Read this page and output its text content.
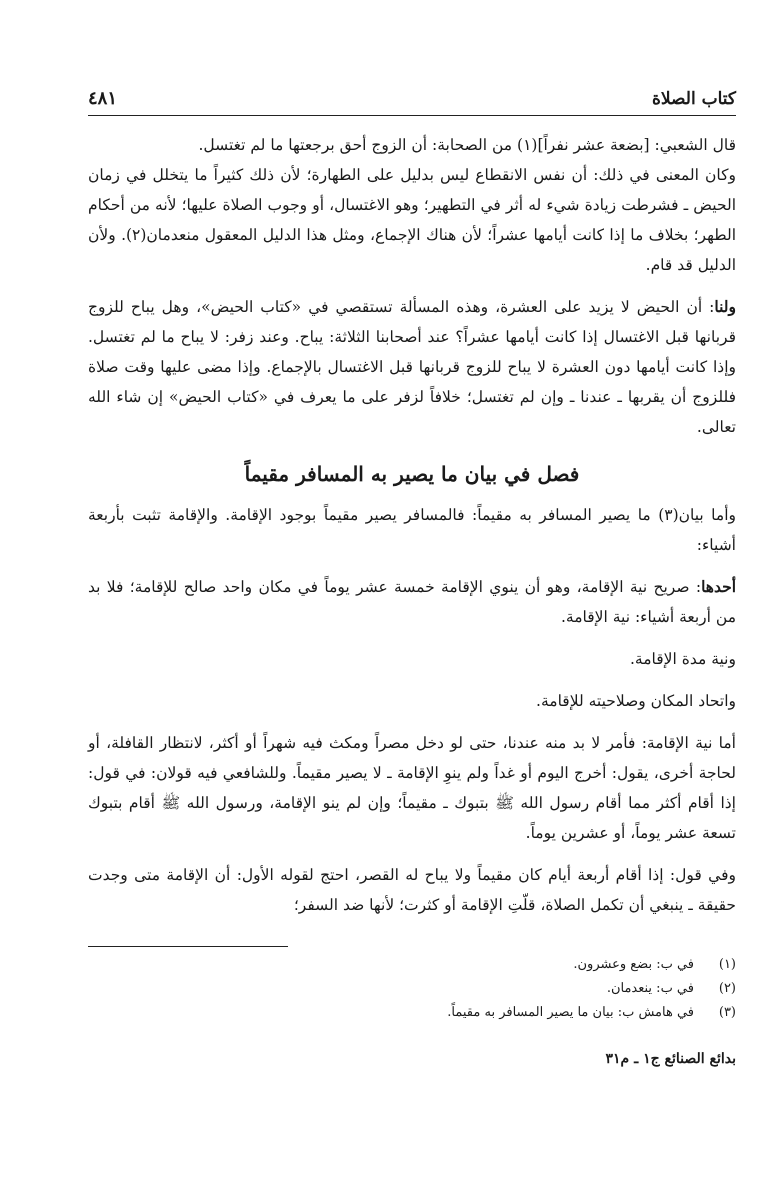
كتاب الصلاة
٤٨١

قال الشعبي: [بضعة عشر نفراً](١) من الصحابة: أن الزوج أحق برجعتها ما لم تغتسل.

وكان المعنى في ذلك: أن نفس الانقطاع ليس بدليل على الطهارة؛ لأن ذلك كثيراً ما يتخلل في زمان الحيض ـ فشرطت زيادة شيء له أثر في التطهير؛ وهو الاغتسال، أو وجوب الصلاة عليها؛ لأنه من أحكام الطهر؛ بخلاف ما إذا كانت أيامها عشراً؛ لأن هناك الإجماع، ومثل هذا الدليل المعقول منعدمان(٢). ولأن الدليل قد قام.

ولنا: أن الحيض لا يزيد على العشرة، وهذه المسألة تستقصي في «كتاب الحيض»، وهل يباح للزوج قربانها قبل الاغتسال إذا كانت أيامها عشراً؟ عند أصحابنا الثلاثة: يباح. وعند زفر: لا يباح ما لم تغتسل. وإذا كانت أيامها دون العشرة لا يباح للزوج قربانها قبل الاغتسال بالإجماع. وإذا مضى عليها وقت صلاة فللزوج أن يقربها ـ عندنا ـ وإن لم تغتسل؛ خلافاً لزفر على ما يعرف في «كتاب الحيض» إن شاء الله تعالى.

فصل في بيان ما يصير به المسافر مقيماً

وأما بيان(٣) ما يصير المسافر به مقيماً: فالمسافر يصير مقيماً بوجود الإقامة. والإقامة تثبت بأربعة أشياء:

أحدها: صريح نية الإقامة، وهو أن ينوي الإقامة خمسة عشر يوماً في مكان واحد صالح للإقامة؛ فلا بد من أربعة أشياء: نية الإقامة.

ونية مدة الإقامة.

واتحاد المكان وصلاحيته للإقامة.

أما نية الإقامة: فأمر لا بد منه عندنا، حتى لو دخل مصراً ومكث فيه شهراً أو أكثر، لانتظار القافلة، أو لحاجة أخرى، يقول: أخرج اليوم أو غداً ولم ينوِ الإقامة ـ لا يصير مقيماً. وللشافعي فيه قولان: في قول: إذا أقام أكثر مما أقام رسول الله ﷺ بتبوك ـ مقيماً؛ وإن لم ينو الإقامة، ورسول الله ﷺ أقام بتبوك تسعة عشر يوماً، أو عشرين يوماً.

وفي قول: إذا أقام أربعة أيام كان مقيماً ولا يباح له القصر، احتج لقوله الأول: أن الإقامة متى وجدت حقيقة ـ ينبغي أن تكمل الصلاة، قلّتِ الإقامة أو كثرت؛ لأنها ضد السفر؛

(١)
في ب: بضع وعشرون.
(٢)
في ب: ينعدمان.
(٣)
في هامش ب: بيان ما يصير المسافر به مقيماً.
بدائع الصنائع ج١ ـ م٣١
